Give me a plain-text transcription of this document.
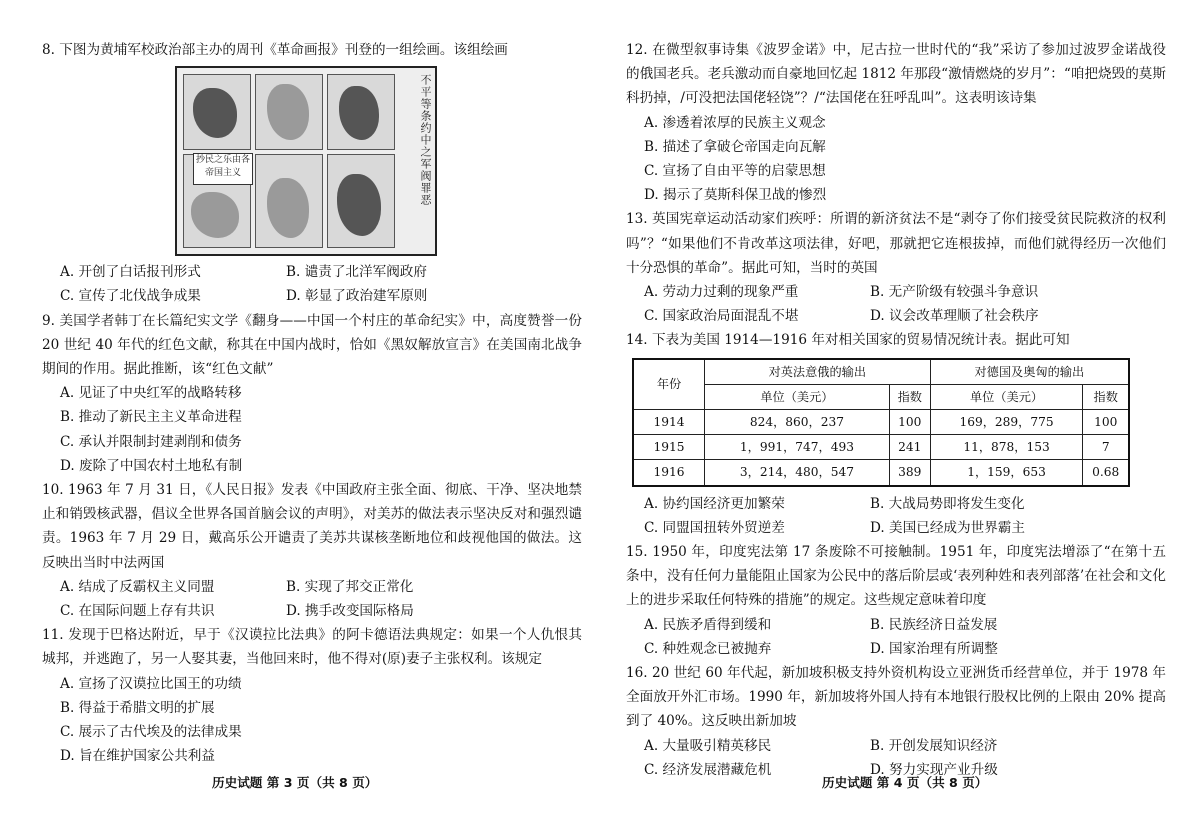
8. 下图为黄埔军校政治部主办的周刊《革命画报》刊登的一组绘画。该组绘画

抄民之乐由各帝国主义	不平等条约中之军阀罪恶
A. 开创了白话报刊形式	B. 谴责了北洋军阀政府
C. 宣传了北伐战争成果	D. 彰显了政治建军原则

9. 美国学者韩丁在长篇纪实文学《翻身——中国一个村庄的革命纪实》中，高度赞誉一份20 世纪 40 年代的红色文献，称其在中国内战时，恰如《黑奴解放宣言》在美国南北战争期间的作用。据此推断，该“红色文献”

A. 见证了中央红军的战略转移

B. 推动了新民主主义革命进程

C. 承认并限制封建剥削和债务

D. 废除了中国农村土地私有制

10. 1963 年 7 月 31 日，《人民日报》发表《中国政府主张全面、彻底、干净、坚决地禁止和销毁核武器，倡议全世界各国首脑会议的声明》，对美苏的做法表示坚决反对和强烈谴责。1963 年 7 月 29 日，戴高乐公开谴责了美苏共谋核垄断地位和歧视他国的做法。这反映出当时中法两国

A. 结成了反霸权主义同盟	B. 实现了邦交正常化
C. 在国际问题上存有共识	D. 携手改变国际格局

11. 发现于巴格达附近，早于《汉谟拉比法典》的阿卡德语法典规定：如果一个人仇恨其城邦，并逃跑了，另一人娶其妻，当他回来时，他不得对(原)妻子主张权利。该规定

A. 宣扬了汉谟拉比国王的功绩

B. 得益于希腊文明的扩展

C. 展示了古代埃及的法律成果

D. 旨在维护国家公共利益

历史试题 第 3 页（共 8 页）

12. 在微型叙事诗集《波罗金诺》中，尼古拉一世时代的“我”采访了参加过波罗金诺战役的俄国老兵。老兵激动而自豪地回忆起 1812 年那段“激情燃烧的岁月”：“咱把烧毁的莫斯科扔掉，/可没把法国佬轻饶”？/“法国佬在狂呼乱叫”。这表明该诗集

A. 渗透着浓厚的民族主义观念

B. 描述了拿破仑帝国走向瓦解

C. 宣扬了自由平等的启蒙思想

D. 揭示了莫斯科保卫战的惨烈

13. 英国宪章运动活动家们疾呼：所谓的新济贫法不是“剥夺了你们接受贫民院救济的权利吗”？“如果他们不肯改革这项法律，好吧，那就把它连根拔掉，而他们就得经历一次他们十分恐惧的革命”。据此可知，当时的英国

A. 劳动力过剩的现象严重	B. 无产阶级有较强斗争意识
C. 国家政治局面混乱不堪	D. 议会改革理顺了社会秩序

14. 下表为美国 1914—1916 年对相关国家的贸易情况统计表。据此可知

年份	对英法意俄的输出		对德国及奥匈的输出	
	单位（美元）	指数	单位（美元）	指数
1914	824，860，237	100	169，289，775	100
1915	1，991，747，493	241	11，878，153	7
1916	3，214，480，547	389	1，159，653	0.68
A. 协约国经济更加繁荣	B. 大战局势即将发生变化
C. 同盟国扭转外贸逆差	D. 美国已经成为世界霸主

15. 1950 年，印度宪法第 17 条废除不可接触制。1951 年，印度宪法增添了“在第十五条中，没有任何力量能阻止国家为公民中的落后阶层或‘表列种姓和表列部落’在社会和文化上的进步采取任何特殊的措施”的规定。这些规定意味着印度

A. 民族矛盾得到缓和	B. 民族经济日益发展
C. 种姓观念已被抛弃	D. 国家治理有所调整

16. 20 世纪 60 年代起，新加坡积极支持外资机构设立亚洲货币经营单位，并于 1978 年全面放开外汇市场。1990 年，新加坡将外国人持有本地银行股权比例的上限由 20% 提高到了 40%。这反映出新加坡

A. 大量吸引精英移民	B. 开创发展知识经济
C. 经济发展潜藏危机	D. 努力实现产业升级
历史试题 第 4 页（共 8 页）
